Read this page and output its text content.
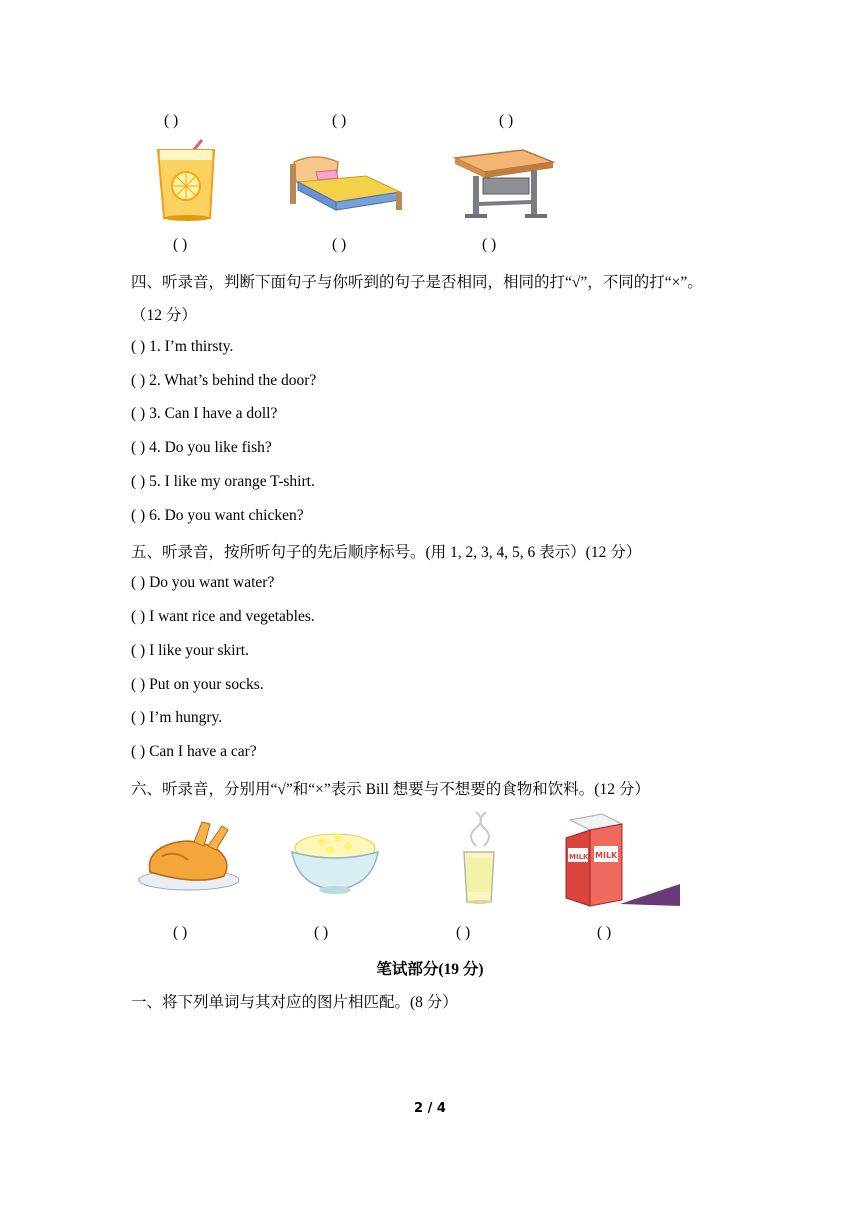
( )	( )	( )
( )	( )	( )
四、听录音，判断下面句子与你听到的句子是否相同，相同的打“√”，不同的打“×”。
（12 分）
( ) 1. I’m thirsty.
( ) 2. What’s behind the door?
( ) 3. Can I have a doll?
( ) 4. Do you like fish?
( ) 5. I like my orange T-shirt.
( ) 6. Do you want chicken?
五、听录音，按所听句子的先后顺序标号。(用 1, 2, 3, 4, 5, 6 表示）(12 分）
( ) Do you want water?
( ) I want rice and vegetables.
( ) I like your skirt.
( ) Put on your socks.
( ) I’m hungry.
( ) Can I have a car?
六、听录音，分别用“√”和“×”表示 Bill 想要与不想要的食物和饮料。(12 分）
MILK
MILK
( )	( )	( )	( )
笔试部分(19 分)
一、将下列单词与其对应的图片相匹配。(8 分）
2 / 4
